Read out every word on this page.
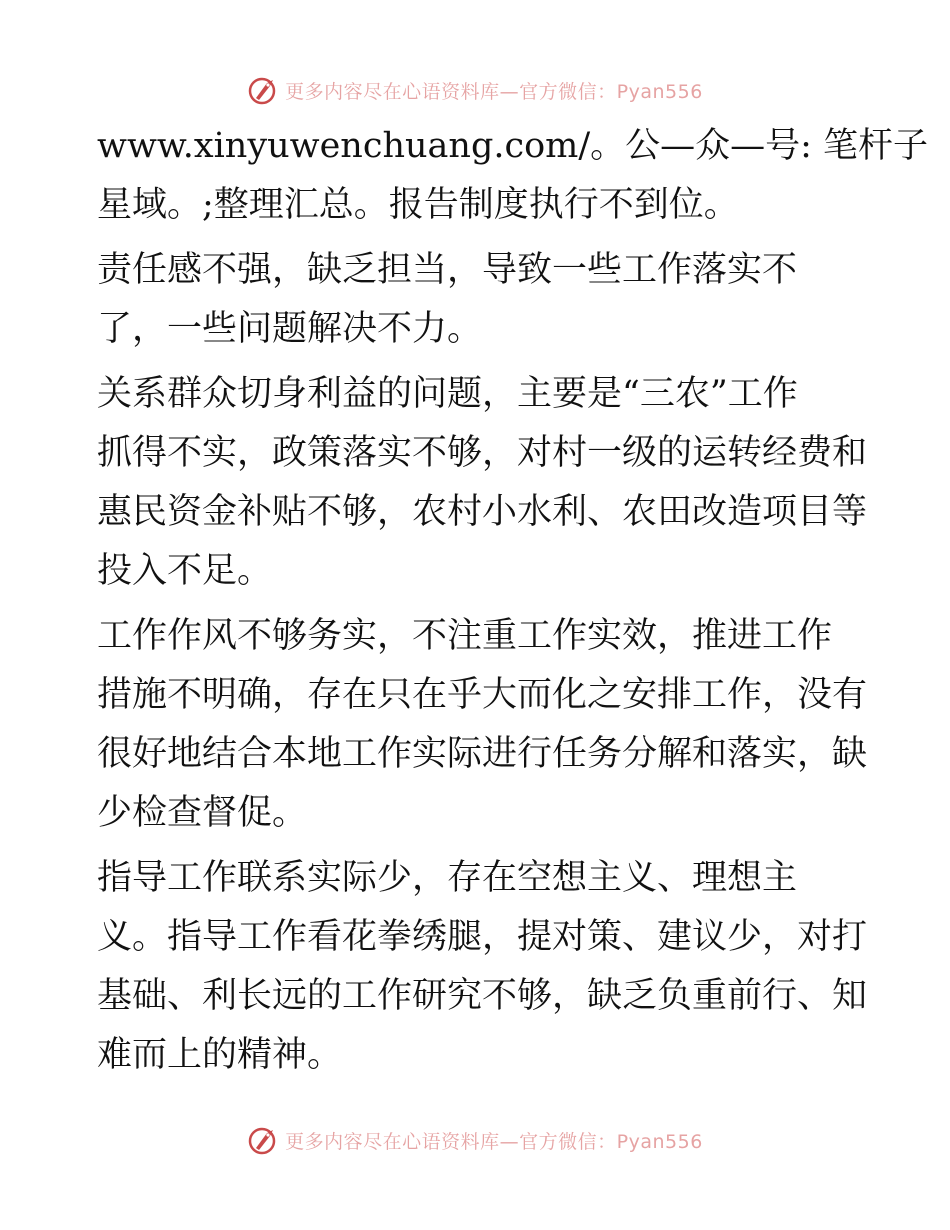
更多内容尽在心语资料库—官方微信：Pyan556
www.xinyuwenchuang.com/。公—众—号: 笔杆子
星域。;整理汇总。报告制度执行不到位。
责任感不强，缺乏担当，导致一些工作落实不
了，一些问题解决不力。
关系群众切身利益的问题，主要是“三农”工作
抓得不实，政策落实不够，对村一级的运转经费和
惠民资金补贴不够，农村小水利、农田改造项目等
投入不足。
工作作风不够务实，不注重工作实效，推进工作
措施不明确，存在只在乎大而化之安排工作，没有
很好地结合本地工作实际进行任务分解和落实，缺
少检查督促。
指导工作联系实际少，存在空想主义、理想主
义。指导工作看花拳绣腿，提对策、建议少，对打
基础、利长远的工作研究不够，缺乏负重前行、知
难而上的精神。
更多内容尽在心语资料库—官方微信：Pyan556
